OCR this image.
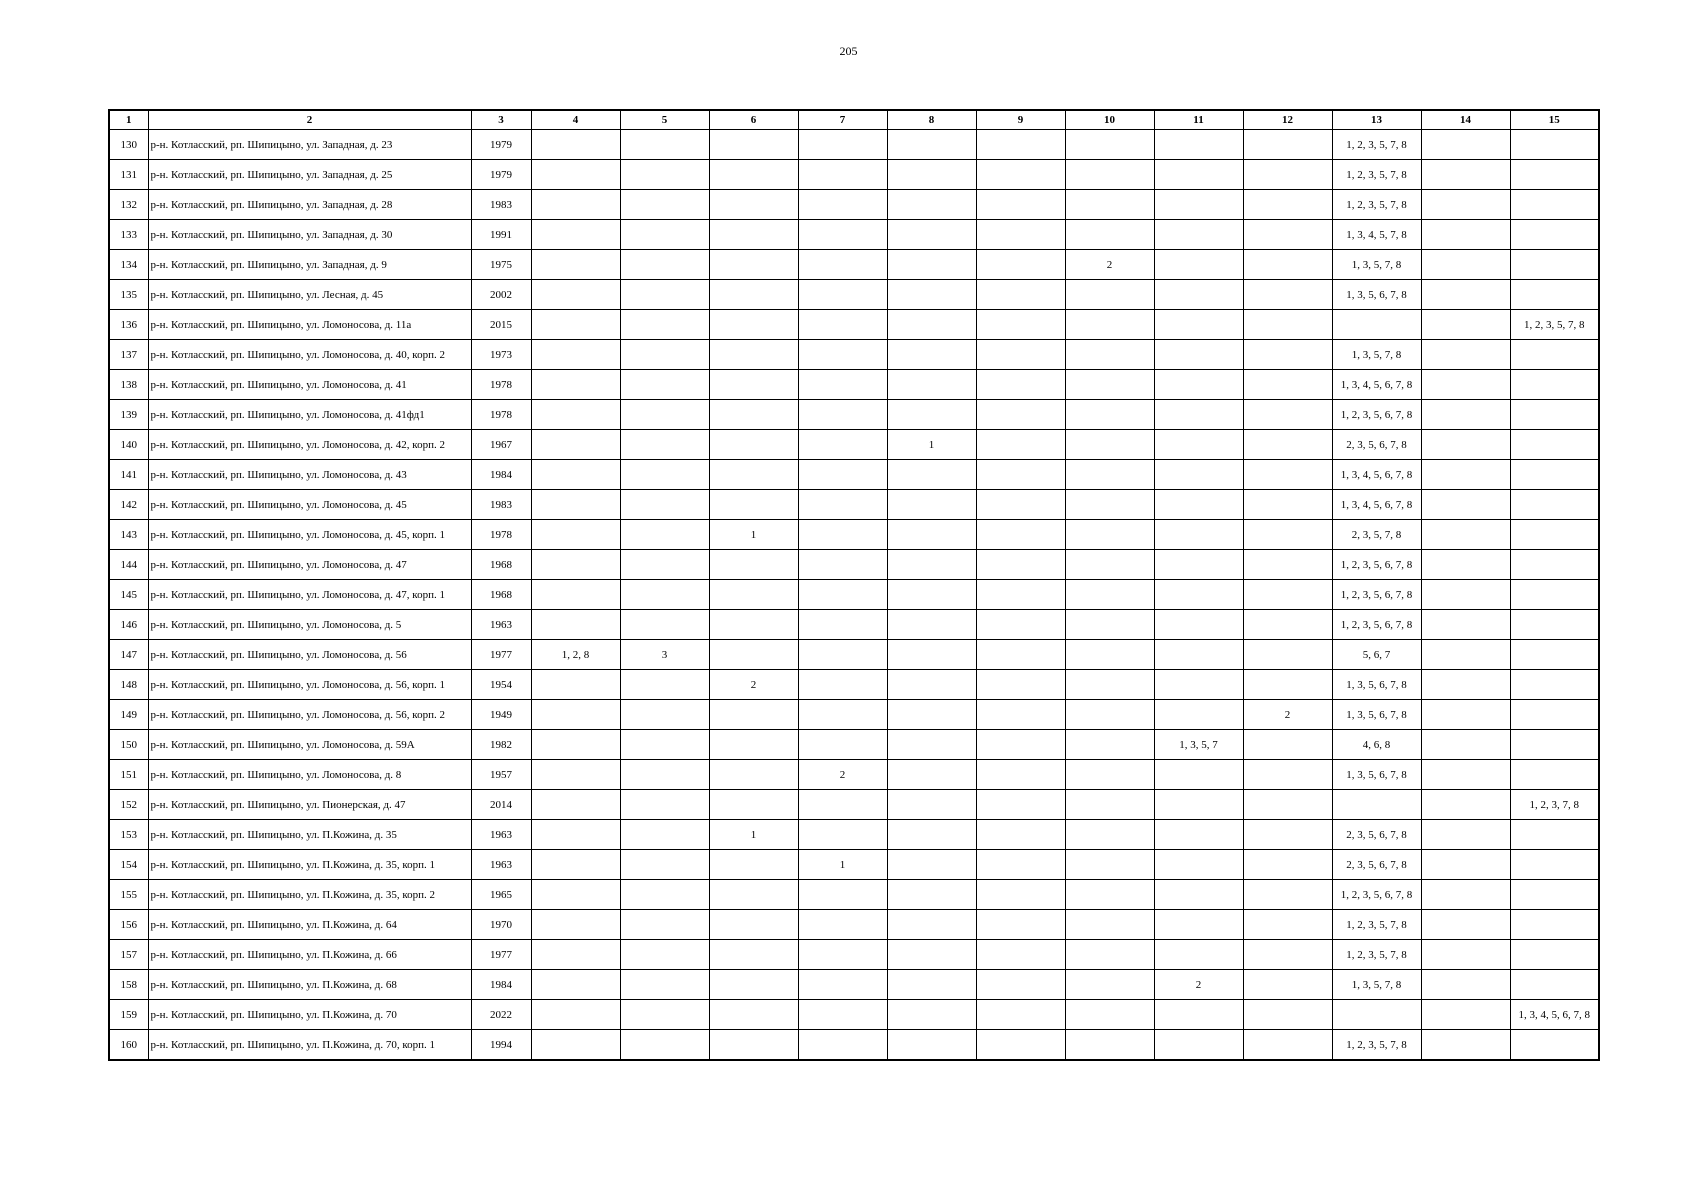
205
1	2	3	4	5	6	7	8	9	10	11	12	13	14	15
130	р-н. Котласский, рп. Шипицыно, ул. Западная, д. 23	1979										1, 2, 3, 5, 7, 8		
131	р-н. Котласский, рп. Шипицыно, ул. Западная, д. 25	1979										1, 2, 3, 5, 7, 8		
132	р-н. Котласский, рп. Шипицыно, ул. Западная, д. 28	1983										1, 2, 3, 5, 7, 8		
133	р-н. Котласский, рп. Шипицыно, ул. Западная, д. 30	1991										1, 3, 4, 5, 7, 8		
134	р-н. Котласский, рп. Шипицыно, ул. Западная, д. 9	1975							2			1, 3, 5, 7, 8		
135	р-н. Котласский, рп. Шипицыно, ул. Лесная, д. 45	2002										1, 3, 5, 6, 7, 8		
136	р-н. Котласский, рп. Шипицыно, ул. Ломоносова, д. 11а	2015												1, 2, 3, 5, 7, 8
137	р-н. Котласский, рп. Шипицыно, ул. Ломоносова, д. 40, корп. 2	1973										1, 3, 5, 7, 8		
138	р-н. Котласский, рп. Шипицыно, ул. Ломоносова, д. 41	1978										1, 3, 4, 5, 6, 7, 8		
139	р-н. Котласский, рп. Шипицыно, ул. Ломоносова, д. 41фд1	1978										1, 2, 3, 5, 6, 7, 8		
140	р-н. Котласский, рп. Шипицыно, ул. Ломоносова, д. 42, корп. 2	1967					1					2, 3, 5, 6, 7, 8		
141	р-н. Котласский, рп. Шипицыно, ул. Ломоносова, д. 43	1984										1, 3, 4, 5, 6, 7, 8		
142	р-н. Котласский, рп. Шипицыно, ул. Ломоносова, д. 45	1983										1, 3, 4, 5, 6, 7, 8		
143	р-н. Котласский, рп. Шипицыно, ул. Ломоносова, д. 45, корп. 1	1978			1							2, 3, 5, 7, 8		
144	р-н. Котласский, рп. Шипицыно, ул. Ломоносова, д. 47	1968										1, 2, 3, 5, 6, 7, 8		
145	р-н. Котласский, рп. Шипицыно, ул. Ломоносова, д. 47, корп. 1	1968										1, 2, 3, 5, 6, 7, 8		
146	р-н. Котласский, рп. Шипицыно, ул. Ломоносова, д. 5	1963										1, 2, 3, 5, 6, 7, 8		
147	р-н. Котласский, рп. Шипицыно, ул. Ломоносова, д. 56	1977	1, 2, 8	3								5, 6, 7		
148	р-н. Котласский, рп. Шипицыно, ул. Ломоносова, д. 56, корп. 1	1954			2							1, 3, 5, 6, 7, 8		
149	р-н. Котласский, рп. Шипицыно, ул. Ломоносова, д. 56, корп. 2	1949									2	1, 3, 5, 6, 7, 8		
150	р-н. Котласский, рп. Шипицыно, ул. Ломоносова, д. 59А	1982								1, 3, 5, 7		4, 6, 8		
151	р-н. Котласский, рп. Шипицыно, ул. Ломоносова, д. 8	1957				2						1, 3, 5, 6, 7, 8		
152	р-н. Котласский, рп. Шипицыно, ул. Пионерская, д. 47	2014												1, 2, 3, 7, 8
153	р-н. Котласский, рп. Шипицыно, ул. П.Кожина, д. 35	1963			1							2, 3, 5, 6, 7, 8		
154	р-н. Котласский, рп. Шипицыно, ул. П.Кожина, д. 35, корп. 1	1963				1						2, 3, 5, 6, 7, 8		
155	р-н. Котласский, рп. Шипицыно, ул. П.Кожина, д. 35, корп. 2	1965										1, 2, 3, 5, 6, 7, 8		
156	р-н. Котласский, рп. Шипицыно, ул. П.Кожина, д. 64	1970										1, 2, 3, 5, 7, 8		
157	р-н. Котласский, рп. Шипицыно, ул. П.Кожина, д. 66	1977										1, 2, 3, 5, 7, 8		
158	р-н. Котласский, рп. Шипицыно, ул. П.Кожина, д. 68	1984								2		1, 3, 5, 7, 8		
159	р-н. Котласский, рп. Шипицыно, ул. П.Кожина, д. 70	2022												1, 3, 4, 5, 6, 7, 8
160	р-н. Котласский, рп. Шипицыно, ул. П.Кожина, д. 70, корп. 1	1994										1, 2, 3, 5, 7, 8		
